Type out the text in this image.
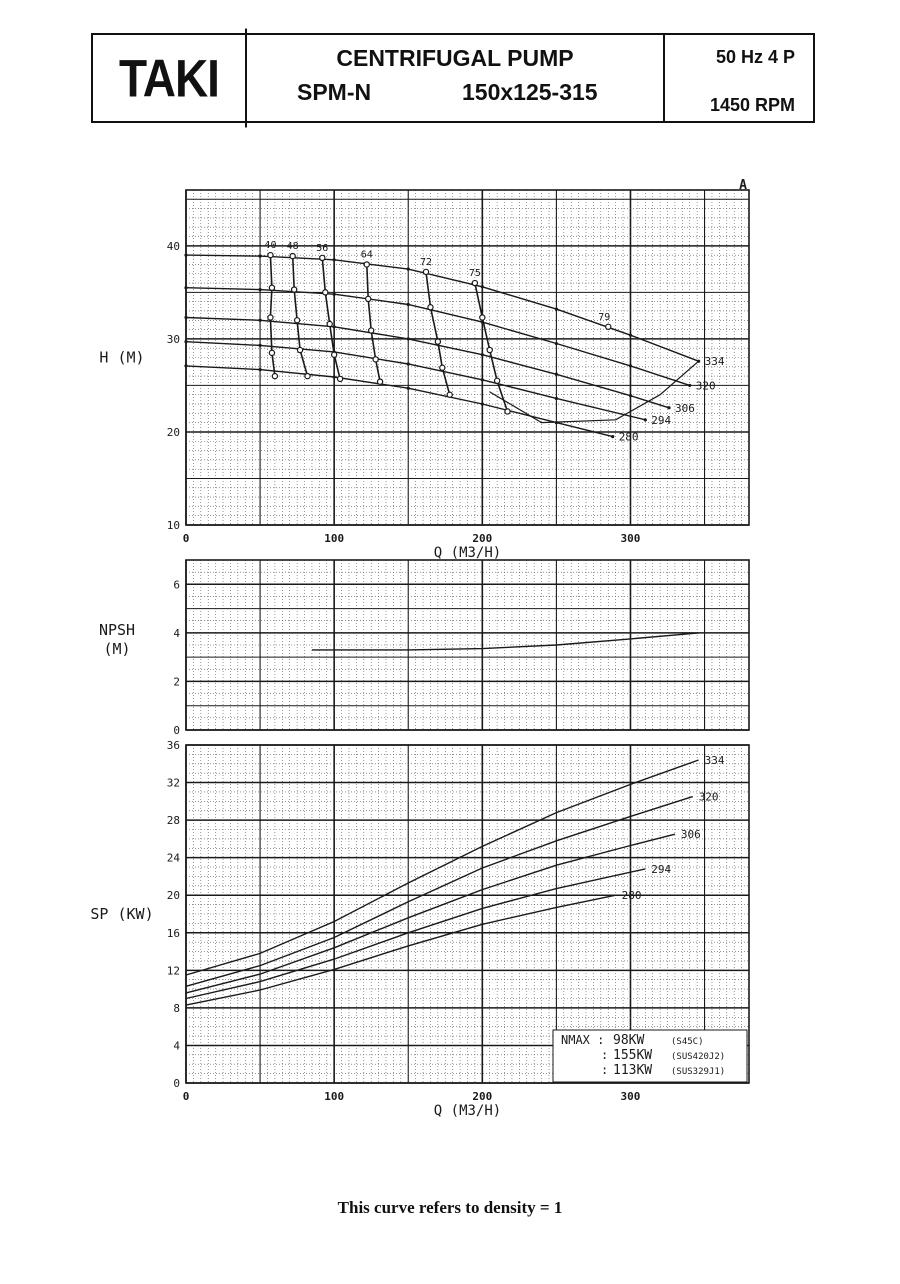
TAKI	CENTRIFUGAL PUMP
SPM-N	150x125-315
50 Hz 4 P
1450 RPM
10
20
30
40
0	100	200	300
Q (M3/H)
H (M)
A
334
320
306
294
280
40 48 56
64
72
75
79
0
2
4
6
NPSH
(M)
0
4
8
12
16
20
24
28
32
36
0	100	200	300
Q (M3/H)
SP (KW)
334
320
306
294
280
NMAX : 98KW	(S45C)
: 155KW (SUS420J2)
: 113KW (SUS329J1)
This curve refers to density = 1
